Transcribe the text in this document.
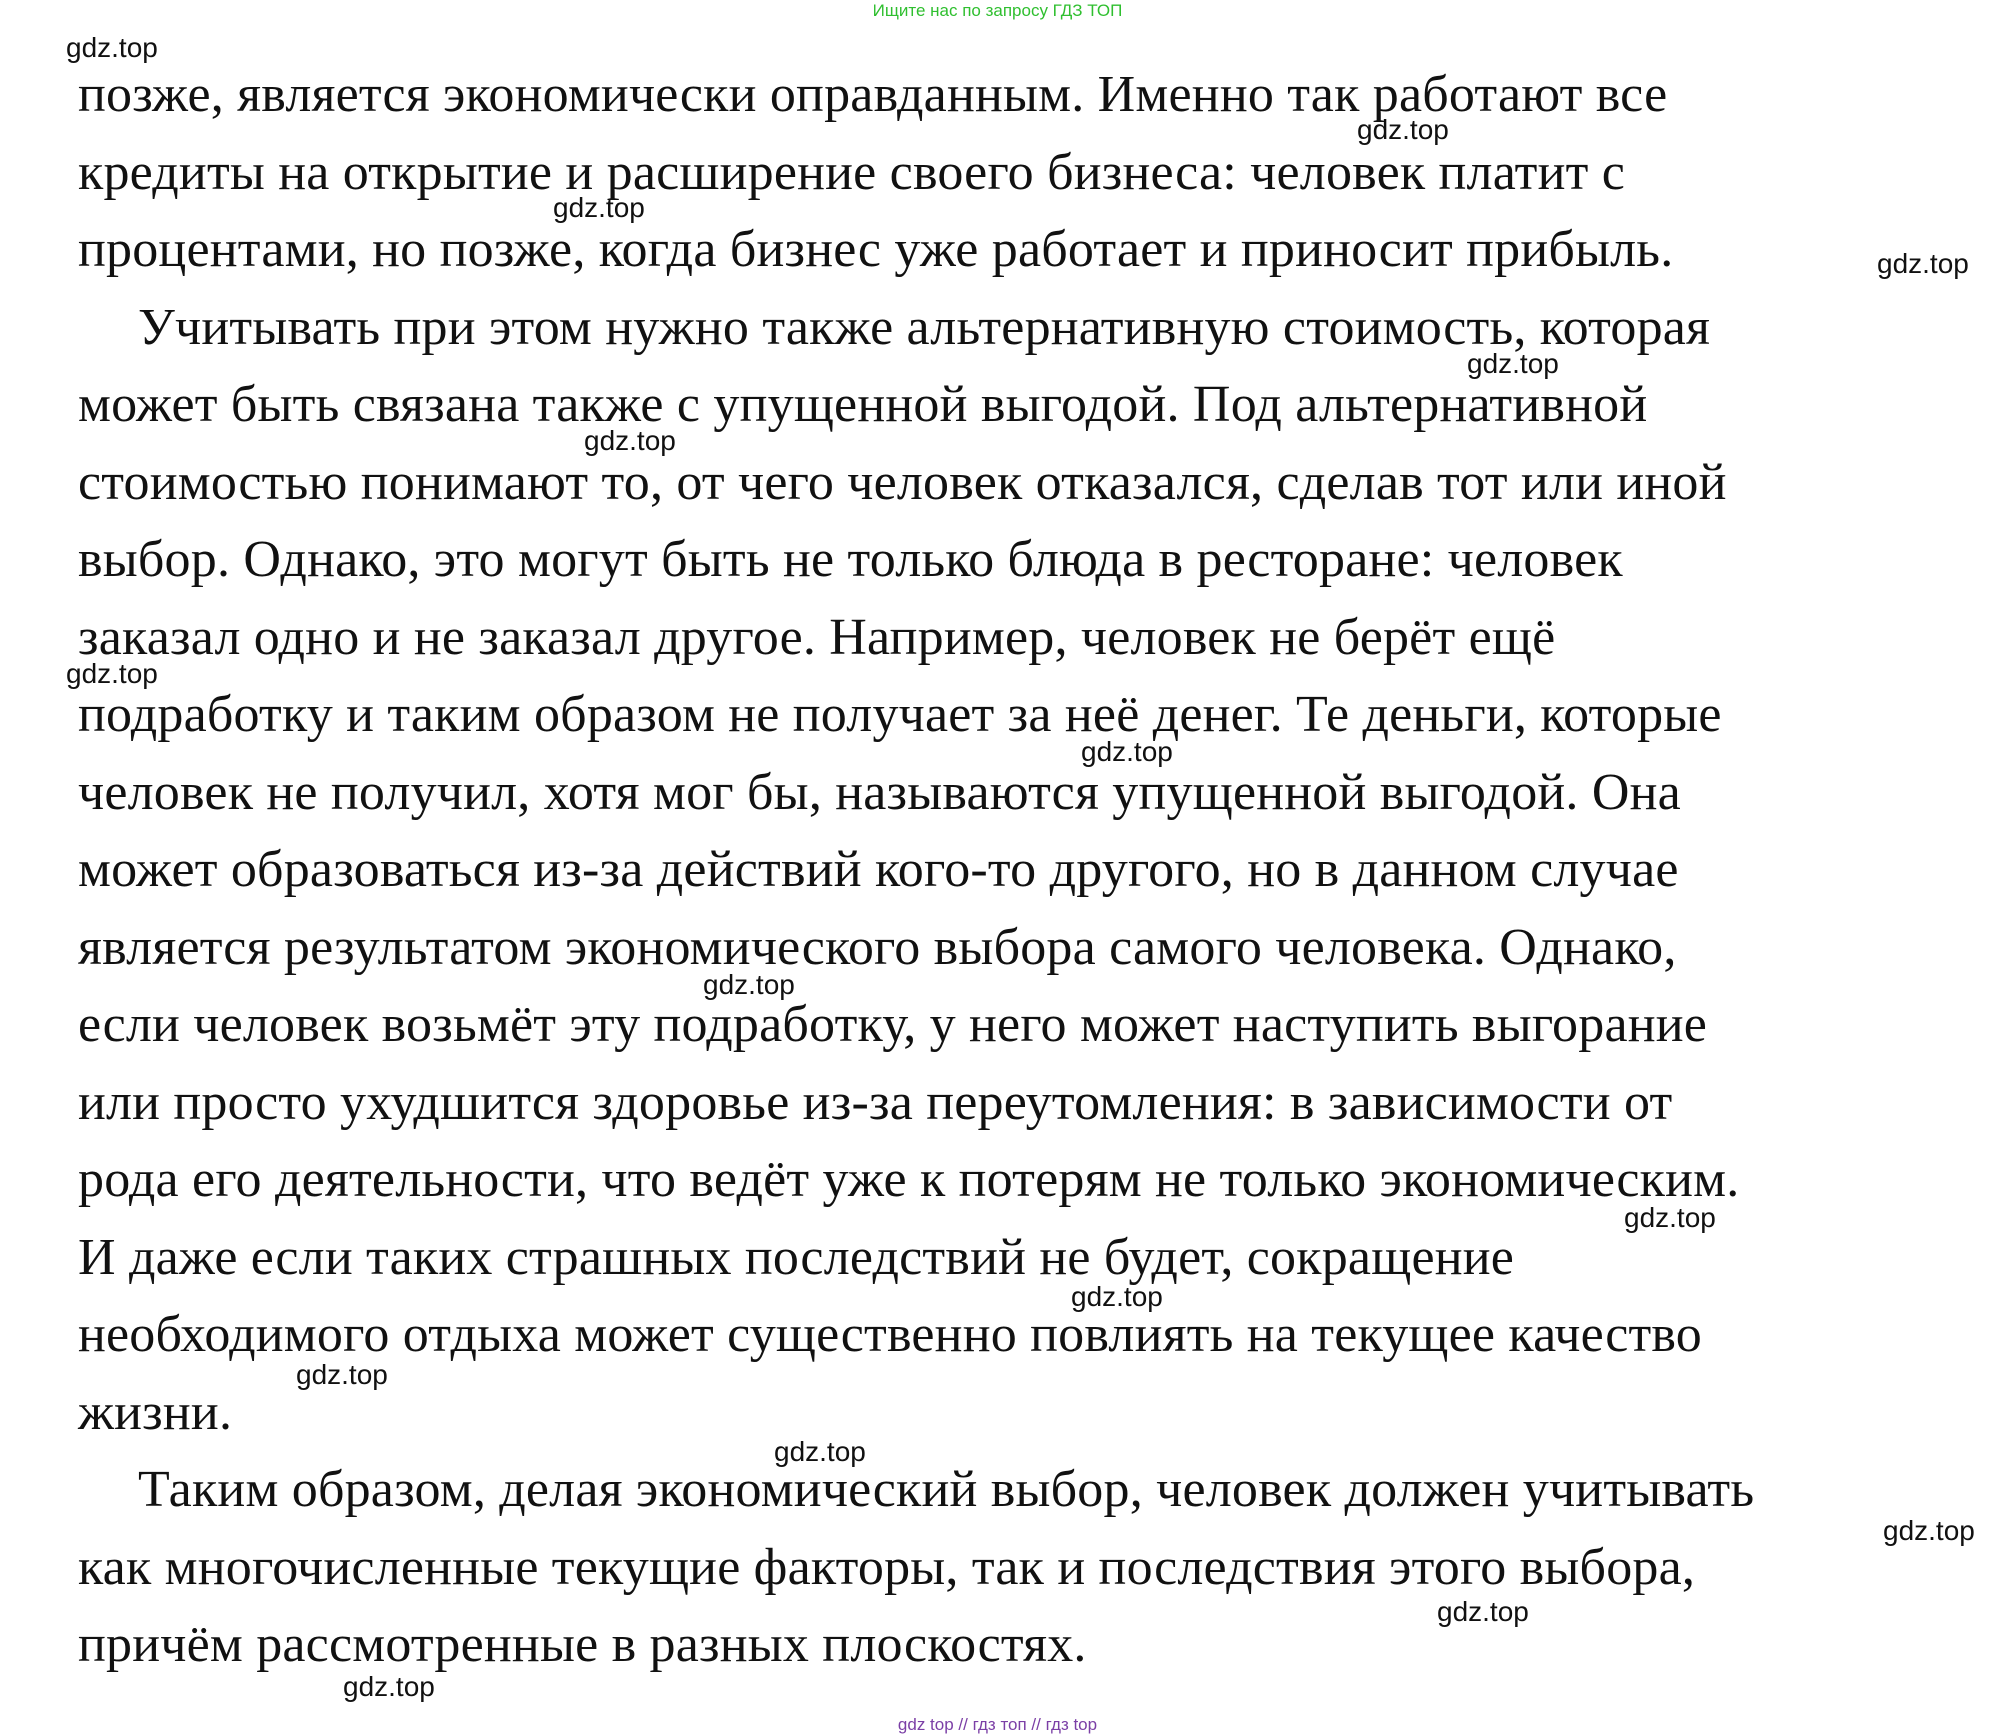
Ищите нас по запросу ГДЗ ТОП
позже, является экономически оправданным. Именно так работают все
кредиты на открытие и расширение своего бизнеса: человек платит с
процентами, но позже, когда бизнес уже работает и приносит прибыль.
Учитывать при этом нужно также альтернативную стоимость, которая
может быть связана также с упущенной выгодой. Под альтернативной
стоимостью понимают то, от чего человек отказался, сделав тот или иной
выбор. Однако, это могут быть не только блюда в ресторане: человек
заказал одно и не заказал другое. Например, человек не берёт ещё
подработку и таким образом не получает за неё денег. Те деньги, которые
человек не получил, хотя мог бы, называются упущенной выгодой. Она
может образоваться из-за действий кого-то другого, но в данном случае
является результатом экономического выбора самого человека. Однако,
если человек возьмёт эту подработку, у него может наступить выгорание
или просто ухудшится здоровье из-за переутомления: в зависимости от
рода его деятельности, что ведёт уже к потерям не только экономическим.
И даже если таких страшных последствий не будет, сокращение
необходимого отдыха может существенно повлиять на текущее качество
жизни.
Таким образом, делая экономический выбор, человек должен учитывать
как многочисленные текущие факторы, так и последствия этого выбора,
причём рассмотренные в разных плоскостях.
gdz.top
gdz.top
gdz.top
gdz.top
gdz.top
gdz.top
gdz.top
gdz.top
gdz.top
gdz.top
gdz.top
gdz.top
gdz.top
gdz.top
gdz.top
gdz.top
gdz top // гдз топ // гдз top
